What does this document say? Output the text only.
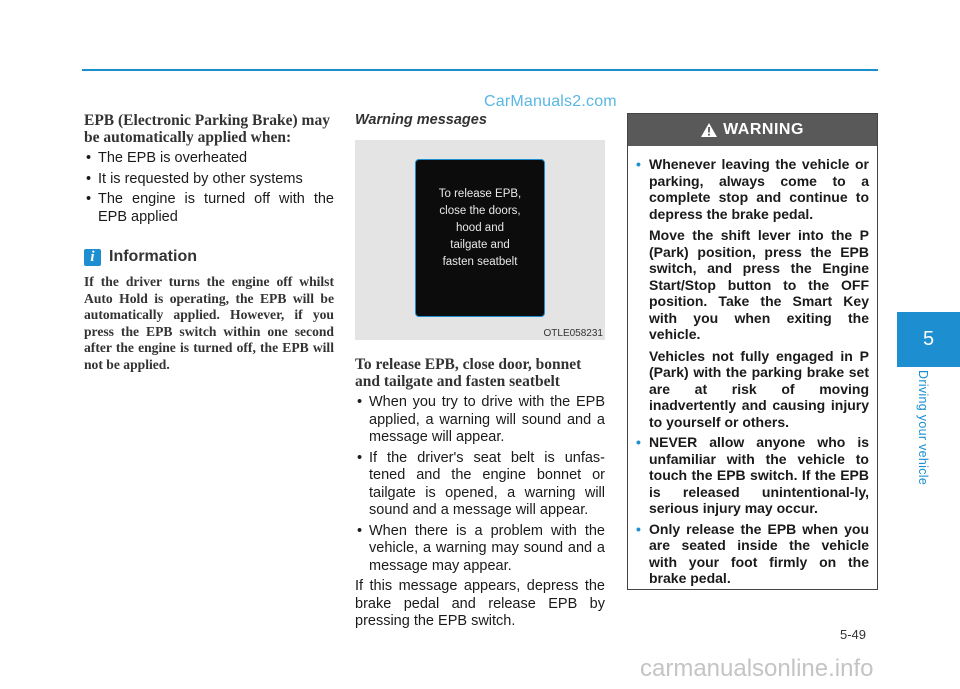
CarManuals2.com
EPB (Electronic Parking Brake) may be automatically applied when:
• The EPB is overheated
• It is requested by other systems
• The engine is turned off with the EPB applied
i Information
If the driver turns the engine off whilst Auto Hold is operating, the EPB will be automatically applied. However, if you press the EPB switch within one second after the engine is turned off, the EPB will not be applied.
Warning messages
To release EPB,
close the doors,
hood and
tailgate and
fasten seatbelt
OTLE058231
To release EPB, close door, bonnet and tailgate and fasten seatbelt
• When you try to drive with the EPB applied, a warning will sound and a message will appear.
• If the driver's seat belt is unfas-tened and the engine bonnet or tailgate is opened, a warning will sound and a message will appear.
• When there is a problem with the vehicle, a warning may sound and a message may appear.
If this message appears, depress the brake pedal and release EPB by pressing the EPB switch.
WARNING
• Whenever leaving the vehicle or parking, always come to a complete stop and continue to depress the brake pedal.
Move the shift lever into the P (Park) position, press the EPB switch, and press the Engine Start/Stop button to the OFF position. Take the Smart Key with you when exiting the vehicle.
Vehicles not fully engaged in P (Park) with the parking brake set are at risk of moving inadvertently and causing injury to yourself or others.
• NEVER allow anyone who is unfamiliar with the vehicle to touch the EPB switch. If the EPB is released unintentional-ly, serious injury may occur.
• Only release the EPB when you are seated inside the vehicle with your foot firmly on the brake pedal.
5
Driving your vehicle
5-49
carmanualsonline.info
